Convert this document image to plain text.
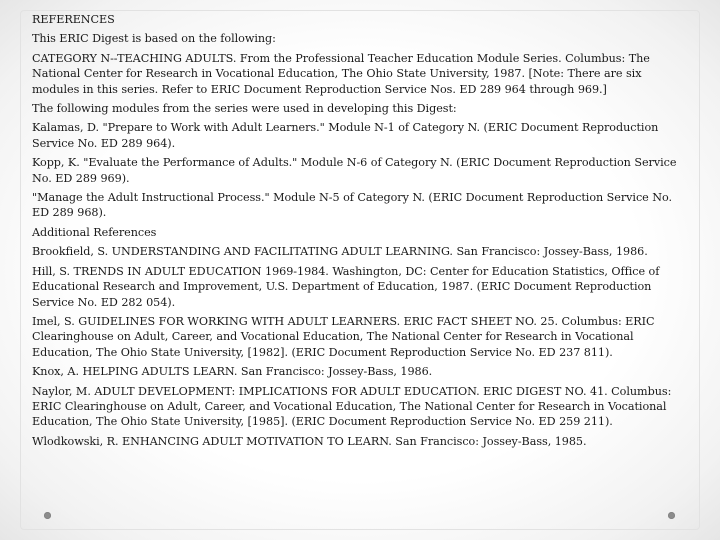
REFERENCES

This ERIC Digest is based on the following:

CATEGORY N--TEACHING ADULTS. From the Professional Teacher Education Module Series. Columbus: The National Center for Research in Vocational Education, The Ohio State University, 1987. [Note: There are six modules in this series. Refer to ERIC Document Reproduction Service Nos. ED 289 964 through 969.]

The following modules from the series were used in developing this Digest:

Kalamas, D. "Prepare to Work with Adult Learners." Module N-1 of Category N. (ERIC Document Reproduction Service No. ED 289 964).

Kopp, K. "Evaluate the Performance of Adults." Module N-6 of Category N. (ERIC Document Reproduction Service No. ED 289 969).

"Manage the Adult Instructional Process." Module N-5 of Category N. (ERIC Document Reproduction Service No. ED 289 968).

Additional References

Brookfield, S. UNDERSTANDING AND FACILITATING ADULT LEARNING. San Francisco: Jossey-Bass, 1986.

Hill, S. TRENDS IN ADULT EDUCATION 1969-1984. Washington, DC: Center for Education Statistics, Office of Educational Research and Improvement, U.S. Department of Education, 1987. (ERIC Document Reproduction Service No. ED 282 054).

Imel, S. GUIDELINES FOR WORKING WITH ADULT LEARNERS. ERIC FACT SHEET NO. 25. Columbus: ERIC Clearinghouse on Adult, Career, and Vocational Education, The National Center for Research in Vocational Education, The Ohio State University, [1982]. (ERIC Document Reproduction Service No. ED 237 811).

Knox, A. HELPING ADULTS LEARN. San Francisco: Jossey-Bass, 1986.

Naylor, M. ADULT DEVELOPMENT: IMPLICATIONS FOR ADULT EDUCATION. ERIC DIGEST NO. 41. Columbus: ERIC Clearinghouse on Adult, Career, and Vocational Education, The National Center for Research in Vocational Education, The Ohio State University, [1985]. (ERIC Document Reproduction Service No. ED 259 211).

Wlodkowski, R. ENHANCING ADULT MOTIVATION TO LEARN. San Francisco: Jossey-Bass, 1985.
